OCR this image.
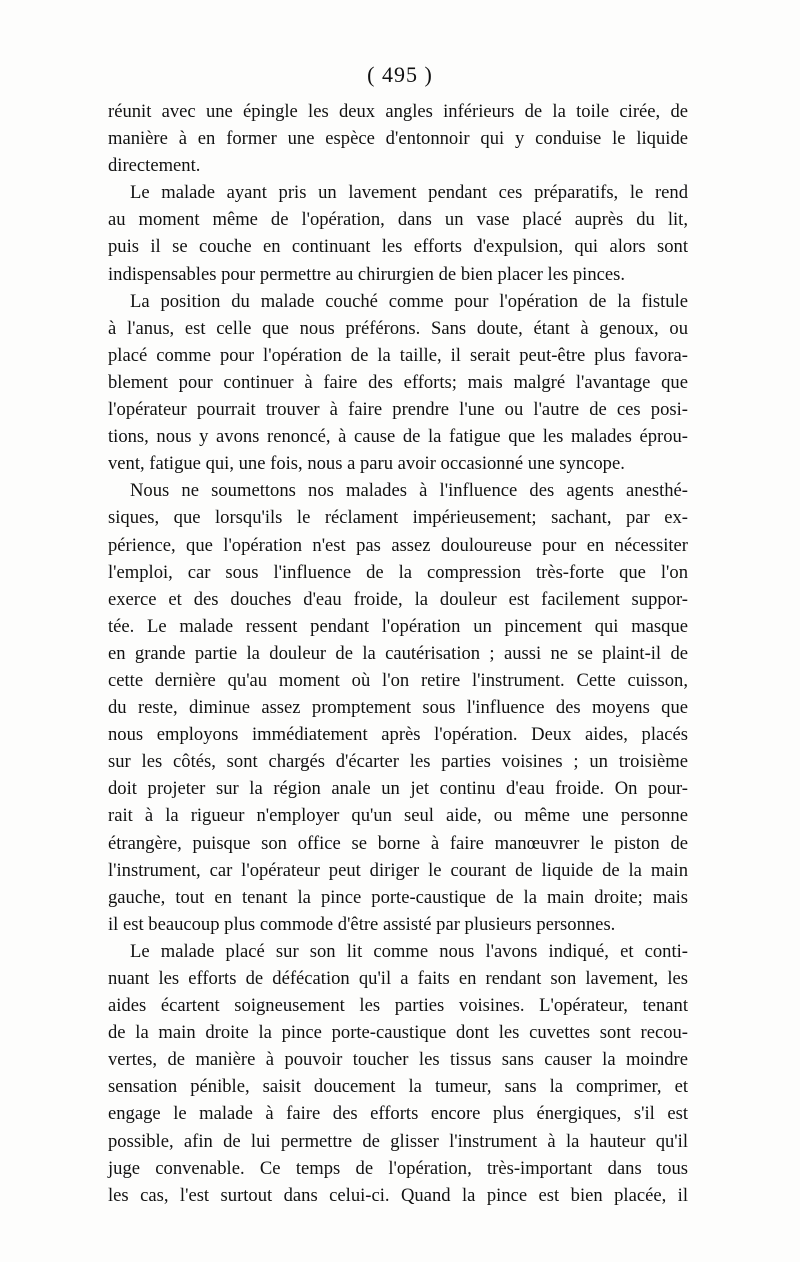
( 495 )
réunit avec une épingle les deux angles inférieurs de la toile cirée, de
manière à en former une espèce d'entonnoir qui y conduise le liquide
directement.
Le malade ayant pris un lavement pendant ces préparatifs, le rend
au moment même de l'opération, dans un vase placé auprès du lit,
puis il se couche en continuant les efforts d'expulsion, qui alors sont
indispensables pour permettre au chirurgien de bien placer les pinces.
La position du malade couché comme pour l'opération de la fistule
à l'anus, est celle que nous préférons. Sans doute, étant à genoux, ou
placé comme pour l'opération de la taille, il serait peut-être plus favora-
blement pour continuer à faire des efforts; mais malgré l'avantage que
l'opérateur pourrait trouver à faire prendre l'une ou l'autre de ces posi-
tions, nous y avons renoncé, à cause de la fatigue que les malades éprou-
vent, fatigue qui, une fois, nous a paru avoir occasionné une syncope.
Nous ne soumettons nos malades à l'influence des agents anesthé-
siques, que lorsqu'ils le réclament impérieusement; sachant, par ex-
périence, que l'opération n'est pas assez douloureuse pour en nécessiter
l'emploi, car sous l'influence de la compression très-forte que l'on
exerce et des douches d'eau froide, la douleur est facilement suppor-
tée. Le malade ressent pendant l'opération un pincement qui masque
en grande partie la douleur de la cautérisation ; aussi ne se plaint-il de
cette dernière qu'au moment où l'on retire l'instrument. Cette cuisson,
du reste, diminue assez promptement sous l'influence des moyens que
nous employons immédiatement après l'opération. Deux aides, placés
sur les côtés, sont chargés d'écarter les parties voisines ; un troisième
doit projeter sur la région anale un jet continu d'eau froide. On pour-
rait à la rigueur n'employer qu'un seul aide, ou même une personne
étrangère, puisque son office se borne à faire manœuvrer le piston de
l'instrument, car l'opérateur peut diriger le courant de liquide de la main
gauche, tout en tenant la pince porte-caustique de la main droite; mais
il est beaucoup plus commode d'être assisté par plusieurs personnes.
Le malade placé sur son lit comme nous l'avons indiqué, et conti-
nuant les efforts de défécation qu'il a faits en rendant son lavement, les
aides écartent soigneusement les parties voisines. L'opérateur, tenant
de la main droite la pince porte-caustique dont les cuvettes sont recou-
vertes, de manière à pouvoir toucher les tissus sans causer la moindre
sensation pénible, saisit doucement la tumeur, sans la comprimer, et
engage le malade à faire des efforts encore plus énergiques, s'il est
possible, afin de lui permettre de glisser l'instrument à la hauteur qu'il
juge convenable. Ce temps de l'opération, très-important dans tous
les cas, l'est surtout dans celui-ci. Quand la pince est bien placée, il
